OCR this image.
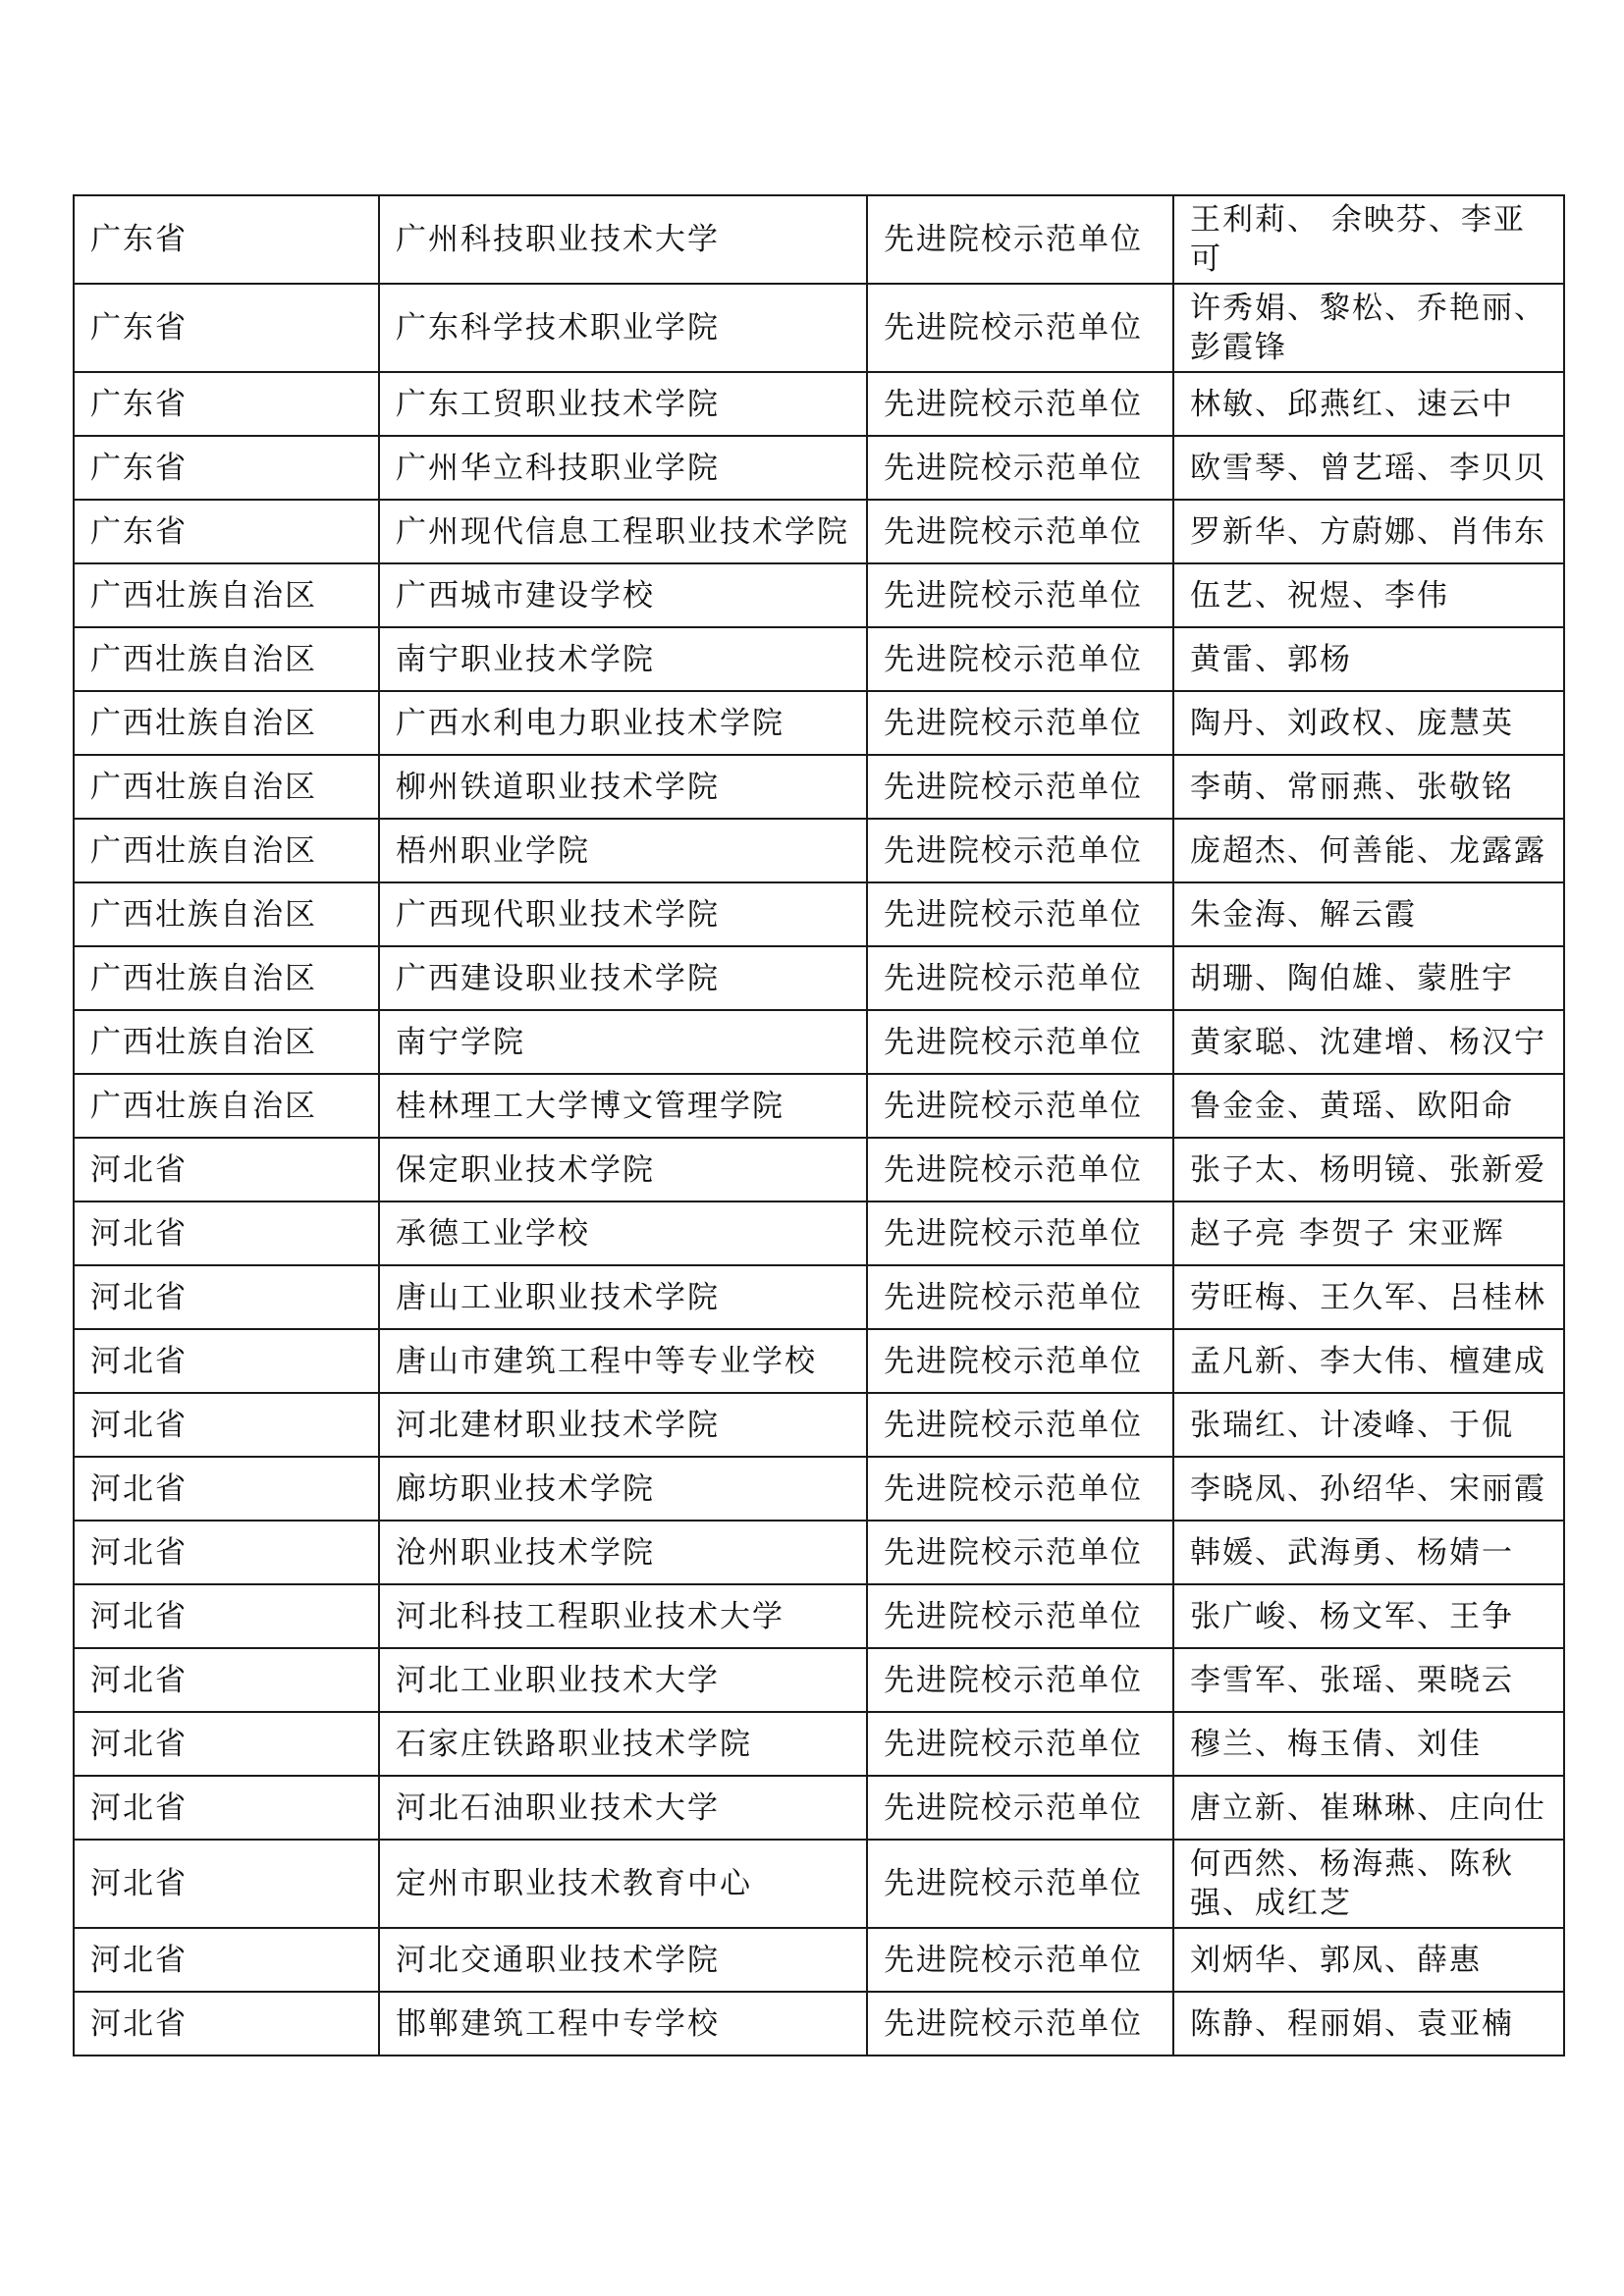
广东省	广州科技职业技术大学	先进院校示范单位	王利莉、 余映芬、李亚可
广东省	广东科学技术职业学院	先进院校示范单位	许秀娟、黎松、乔艳丽、彭霞锋
广东省	广东工贸职业技术学院	先进院校示范单位	林敏、邱燕红、速云中
广东省	广州华立科技职业学院	先进院校示范单位	欧雪琴、曾艺瑶、李贝贝
广东省	广州现代信息工程职业技术学院	先进院校示范单位	罗新华、方蔚娜、肖伟东
广西壮族自治区	广西城市建设学校	先进院校示范单位	伍艺、祝煜、李伟
广西壮族自治区	南宁职业技术学院	先进院校示范单位	黄雷、郭杨
广西壮族自治区	广西水利电力职业技术学院	先进院校示范单位	陶丹、刘政权、庞慧英
广西壮族自治区	柳州铁道职业技术学院	先进院校示范单位	李萌、常丽燕、张敬铭
广西壮族自治区	梧州职业学院	先进院校示范单位	庞超杰、何善能、龙露露
广西壮族自治区	广西现代职业技术学院	先进院校示范单位	朱金海、解云霞
广西壮族自治区	广西建设职业技术学院	先进院校示范单位	胡珊、陶伯雄、蒙胜宇
广西壮族自治区	南宁学院	先进院校示范单位	黄家聪、沈建增、杨汉宁
广西壮族自治区	桂林理工大学博文管理学院	先进院校示范单位	鲁金金、黄瑶、欧阳命
河北省	保定职业技术学院	先进院校示范单位	张子太、杨明镜、张新爱
河北省	承德工业学校	先进院校示范单位	赵子亮 李贺子 宋亚辉
河北省	唐山工业职业技术学院	先进院校示范单位	劳旺梅、王久军、吕桂林
河北省	唐山市建筑工程中等专业学校	先进院校示范单位	孟凡新、李大伟、檀建成
河北省	河北建材职业技术学院	先进院校示范单位	张瑞红、计凌峰、于侃
河北省	廊坊职业技术学院	先进院校示范单位	李晓凤、孙绍华、宋丽霞
河北省	沧州职业技术学院	先进院校示范单位	韩媛、武海勇、杨婧一
河北省	河北科技工程职业技术大学	先进院校示范单位	张广峻、杨文军、王争
河北省	河北工业职业技术大学	先进院校示范单位	李雪军、张瑶、栗晓云
河北省	石家庄铁路职业技术学院	先进院校示范单位	穆兰、梅玉倩、刘佳
河北省	河北石油职业技术大学	先进院校示范单位	唐立新、崔琳琳、庄向仕
河北省	定州市职业技术教育中心	先进院校示范单位	何西然、杨海燕、陈秋强、成红芝
河北省	河北交通职业技术学院	先进院校示范单位	刘炳华、郭凤、薛惠
河北省	邯郸建筑工程中专学校	先进院校示范单位	陈静、程丽娟、袁亚楠
